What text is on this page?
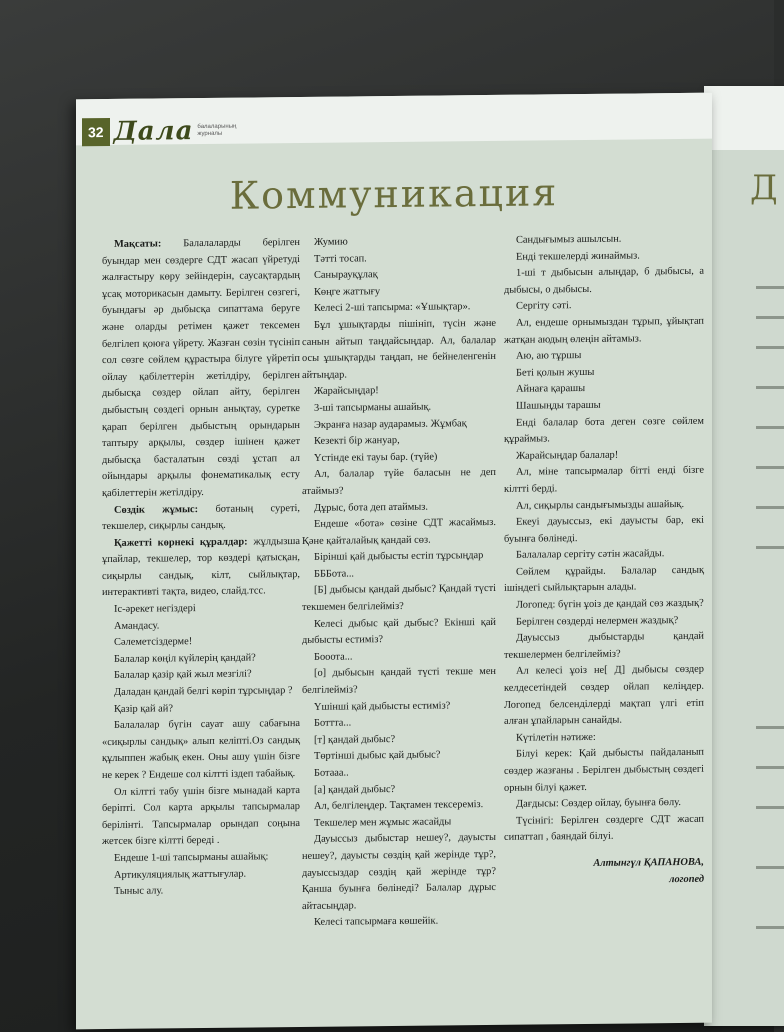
Д
32 Дала балаларының журналы
Коммуникация

Мақсаты: Балалаларды берілген буындар мен сөздерге СДТ жасап үйретуді жалғастыру көру зейіндерін, саусақтардың ұсақ моторикасын дамыту. Берілген сөзгегі, буындағы әр дыбысқа сипаттама беруге және оларды ретімен қажет тексемен белгілеп қоюға үйрету. Жазған сөзін түсініп сол сөзге сөйлем құрастыра білуге үйретіп ойлау қабілеттерін жетілдіру, берілген дыбысқа сөздер ойлап айту, берілген дыбыстың сөздегі орнын анықтау, суретке қарап берілген дыбыстың орындарын таптыру арқылы, сөздер ішінен қажет дыбысқа басталатын сөзді ұстап ал ойындары арқылы фонематикалық есту қабілеттерін жетілдіру.

Сөздік жұмыс: ботаның суреті, текшелер, сиқырлы сандық.

Қажетті көрнекі құралдар: жұлдызша ұпайлар, текшелер, тор көздері қатысқан, сиқырлы сандық, кілт, сыйлықтар, интерактивті тақта, видео, слайд.тсс.

Іс-әрекет негіздері

Амандасу.

Сәлеметсіздерме!

Балалар көңіл күйлерің қандай?

Балалар қазір қай жыл мезгілі?

Даладан қандай белгі көріп тұрсыңдар ?

Қазір қай ай?

Балалалар бүгін сауат ашу сабағына «сиқырлы сандық» алып келіпті.Оз сандық құлыппен жабық екен. Оны ашу үшін бізге не керек ? Ендеше сол кілтті іздеп табайық.

Ол кілтті табу үшін бізге мынадай карта беріпті. Сол карта арқылы тапсырмалар берілінті. Тапсырмалар орындап соңына жетсек бізге кілтті береді .

Ендеше 1-ші тапсырманы ашайық:

Артикуляциялық жаттығулар.

Тыныс алу.

Жумию

Тәтті тосап.

Санырауқұлақ

Көңге жаттығу

Келесі 2-ші тапсырма: «Ұшықтар».

Бұл ұшықтарды пішініп, түсін және санын айтып таңдайсыңдар. Ал, балалар осы ұшықтарды таңдап, не бейнеленгенін айтыңдар.

Жарайсыңдар!

3-ші тапсырманы ашайық.

Экранға назар аударамыз. Жұмбақ

Кезекті бір жануар,

Үстінде екі тауы бар. (түйе)

Ал, балалар түйе баласын не деп атаймыз?

Дұрыс, бота деп атаймыз.

Ендеше «бота» сөзіне СДТ жасаймыз. Қәне қайталайық қандай сөз.

Бірінші қай дыбысты естіп тұрсыңдар

БББота...

[Б] дыбысы қандай дыбыс? Қандай түсті текшемен белгілейміз?

Келесі дыбыс қай дыбыс? Екінші қай дыбысты естиміз?

Бооота...

[о] дыбысын қандай түсті текше мен белгілейміз?

Үшінші қай дыбысты естиміз?

Боттта...

[т] қандай дыбыс?

Төртінші дыбыс қай дыбыс?

Ботааа..

[а] қандай дыбыс?

Ал, белгілеңдер. Тақтамен тексереміз.

Текшелер мен жұмыс жасайды

Дауыссыз дыбыстар нешеу?, дауысты нешеу?, дауысты сөздің қай жерінде тұр?, дауыссыздар сөздің қай жерінде тұр? Қанша буынға бөлінеді? Балалар дұрыс айтасыңдар.

Келесі тапсырмаға көшейік.

Сандығымыз ашылсын.

Енді текшелерді жинаймыз.

1-ші т дыбысын алыңдар, б дыбысы, а дыбысы, о дыбысы.

Сергіту сәті.

Ал, ендеше орнымыздан тұрып, ұйықтап жатқан аюдың өлеңін айтамыз.

Аю, аю тұршы

Беті қолын жушы

Айнаға қарашы

Шашыңды тарашы

Енді балалар бота деген сөзге сөйлем құраймыз.

Жарайсыңдар балалар!

Ал, міне тапсырмалар бітті енді бізге кілтті берді.

Ал, сиқырлы сандығымызды ашайық.

Екеуі дауыссыз, екі дауысты бар, екі буынға бөлінеді.

Балалалар сергіту сәтін жасайды.

Сөйлем құрайды. Балалар сандық ішіндегі сыйлықтарын алады.

Логопед: бүгін ұоіз де қандай сөз жаздық?

Берілген сөздерді нелермен жаздық?

Дауыссыз дыбыстарды қандай текшелермен белгілейміз?

Ал келесі ұоіз не[ Д] дыбысы сөздер келдесетіндей сөздер ойлап келіңдер. Логопед белсенділерді мақтап үлгі етіп алған ұпайларын санайды.

Күтілетін нәтиже:

Білуі керек: Қай дыбысты пайдаланып сөздер жазғаны . Берілген дыбыстың сөздегі орнын білуі қажет.

Дағдысы: Сөздер ойлау, буынға бөлу.

Түсінігі: Берілген сөздерге СДТ жасап сипаттап , баяндай білуі.

Алтынгүл ҚАПАНОВА,

логопед
